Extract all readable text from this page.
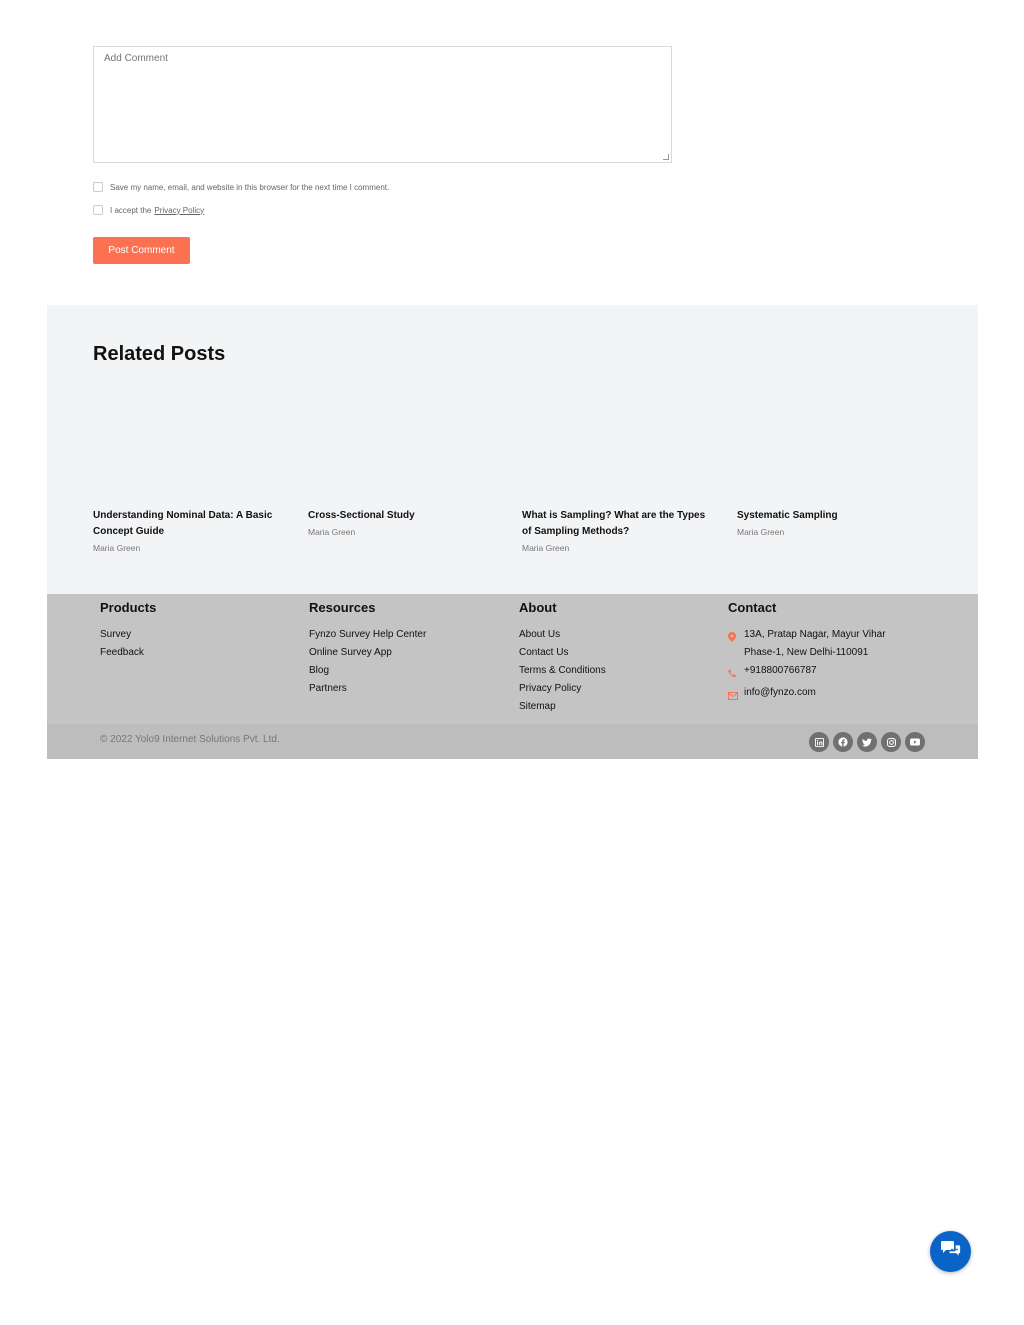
Add Comment
Save my name, email, and website in this browser for the next time I comment.
I accept the Privacy Policy
Post Comment
Related Posts
Understanding Nominal Data: A Basic Concept Guide
Maria Green
Cross-Sectional Study
Maria Green
What is Sampling? What are the Types of Sampling Methods?
Maria Green
Systematic Sampling
Maria Green
Products
Survey
Feedback
Resources
Fynzo Survey Help Center
Online Survey App
Blog
Partners
About
About Us
Contact Us
Terms & Conditions
Privacy Policy
Sitemap
Contact
13A, Pratap Nagar, Mayur Vihar Phase-1, New Delhi-110091
+918800766787
info@fynzo.com
© 2022 Yolo9 Internet Solutions Pvt. Ltd.
